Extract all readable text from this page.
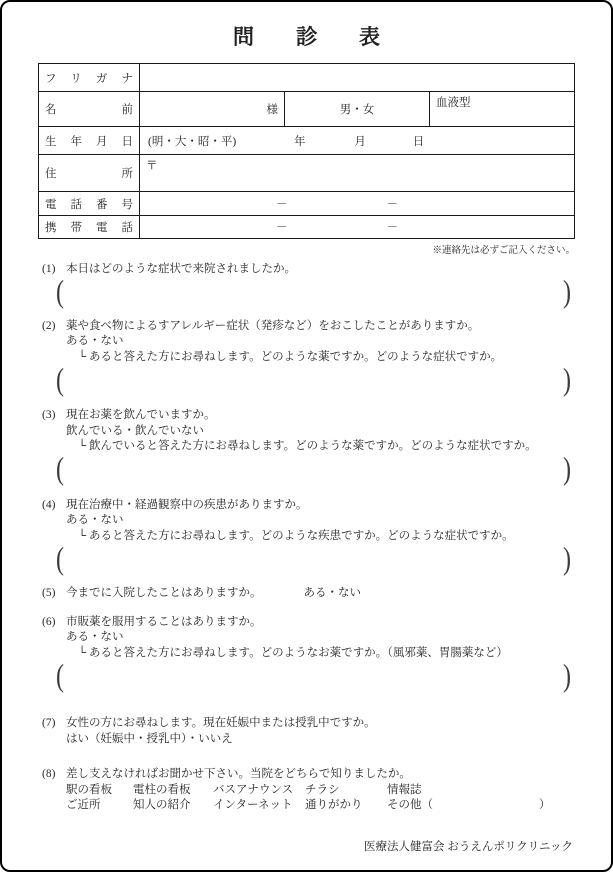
問　　診　　表
フリガナ			
名前	様	男・女	血液型
生年月日	(明・大・昭・平) 年 月 日		
住所	〒		
電話番号	－ －		
携帯電話	－ －		
※連絡先は必ずご記入ください。
(1) 本日はどのような症状で来院されましたか。
(	)
(2) 薬や食べ物によるすアレルギー症状（発疹など）をおこしたことがありますか。
ある・ない
└ あると答えた方にお尋ねします。どのような薬ですか。どのような症状ですか。
(	)
(3) 現在お薬を飲んでいますか。
飲んでいる・飲んでいない
└ 飲んでいると答えた方にお尋ねします。どのような薬ですか。どのような症状ですか。
(	)
(4) 現在治療中・経過観察中の疾患がありますか。
ある・ない
└ あると答えた方にお尋ねします。どのような疾患ですか。どのような症状ですか。
(	)
(5) 今までに入院したことはありますか。	ある・ない
(6) 市販薬を服用することはありますか。
ある・ない
└ あると答えた方にお尋ねします。どのようなお薬ですか。（風邪薬、胃腸薬など）
(	)
(7) 女性の方にお尋ねします。現在妊娠中または授乳中ですか。
はい（妊娠中・授乳中）・いいえ
(8) 差し支えなければお聞かせ下さい。当院をどちらで知りましたか。
駅の看板	電柱の看板	バスアナウンス	チラシ	情報誌
ご近所	知人の紹介	インターネット	通りがかり	その他（	）
医療法人健富会 おうえんポリクリニック
